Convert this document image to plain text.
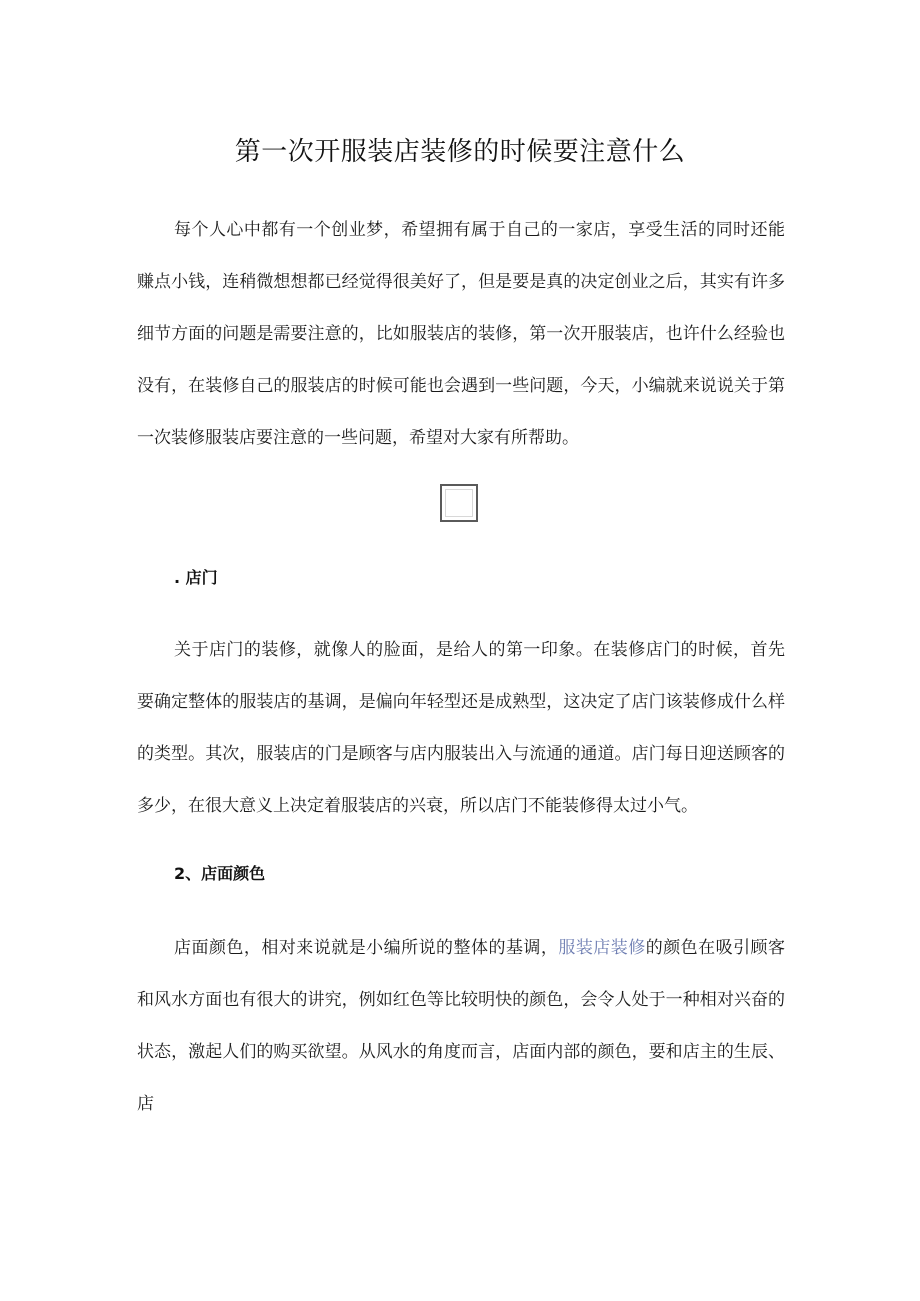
第一次开服装店装修的时候要注意什么

每个人心中都有一个创业梦，希望拥有属于自己的一家店，享受生活的同时还能赚点小钱，连稍微想想都已经觉得很美好了，但是要是真的决定创业之后，其实有许多细节方面的问题是需要注意的，比如服装店的装修，第一次开服装店，也许什么经验也没有，在装修自己的服装店的时候可能也会遇到一些问题，今天，小编就来说说关于第一次装修服装店要注意的一些问题，希望对大家有所帮助。

. 店门

关于店门的装修，就像人的脸面，是给人的第一印象。在装修店门的时候，首先要确定整体的服装店的基调，是偏向年轻型还是成熟型，这决定了店门该装修成什么样的类型。其次，服装店的门是顾客与店内服装出入与流通的通道。店门每日迎送顾客的多少，在很大意义上决定着服装店的兴衰，所以店门不能装修得太过小气。

2、店面颜色

店面颜色，相对来说就是小编所说的整体的基调，服装店装修的颜色在吸引顾客和风水方面也有很大的讲究，例如红色等比较明快的颜色，会令人处于一种相对兴奋的状态，激起人们的购买欲望。从风水的角度而言，店面内部的颜色，要和店主的生辰、店
